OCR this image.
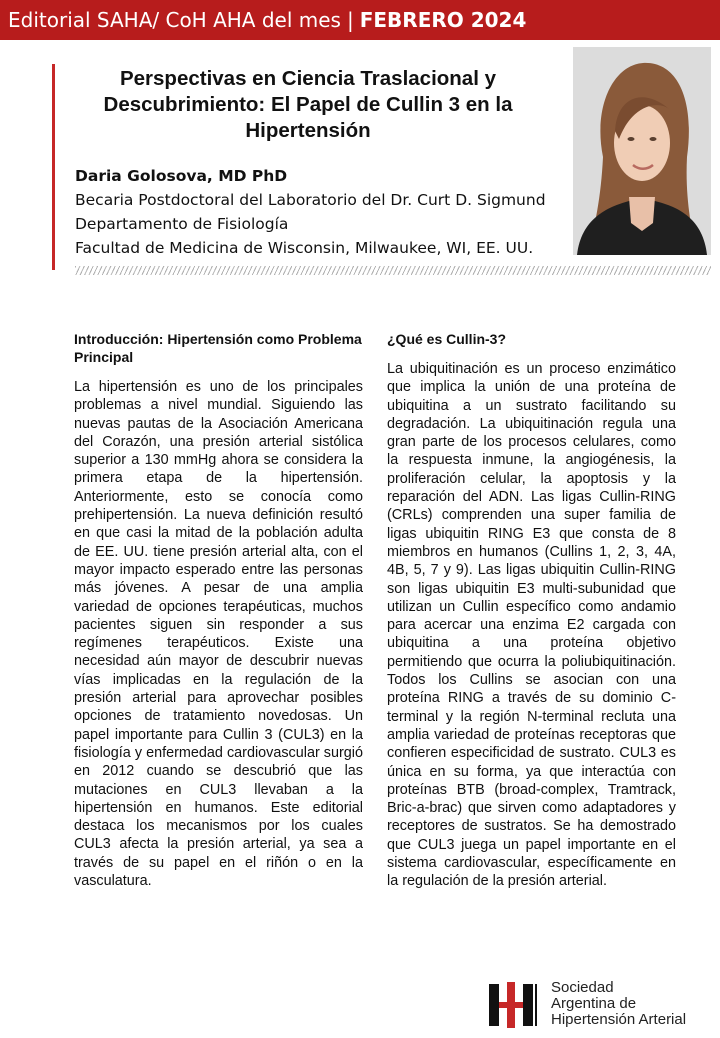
Editorial SAHA/ CoH AHA del mes | FEBRERO 2024
Perspectivas en Ciencia Traslacional y Descubrimiento: El Papel de Cullin 3 en la Hipertensión
Daria Golosova, MD PhD
Becaria Postdoctoral del Laboratorio del Dr. Curt D. Sigmund
Departamento de Fisiología
Facultad de Medicina de Wisconsin, Milwaukee, WI, EE. UU.
Introducción: Hipertensión como Problema Principal

La hipertensión es uno de los principales problemas a nivel mundial. Siguiendo las nuevas pautas de la Asociación Americana del Corazón, una presión arterial sistólica superior a 130 mmHg ahora se considera la primera etapa de la hipertensión. Anteriormente, esto se conocía como prehipertensión. La nueva definición resultó en que casi la mitad de la población adulta de EE. UU. tiene presión arterial alta, con el mayor impacto esperado entre las personas más jóvenes. A pesar de una amplia variedad de opciones terapéuticas, muchos pacientes siguen sin responder a sus regímenes terapéuticos. Existe una necesidad aún mayor de descubrir nuevas vías implicadas en la regulación de la presión arterial para aprovechar posibles opciones de tratamiento novedosas. Un papel importante para Cullin 3 (CUL3) en la fisiología y enfermedad cardiovascular surgió en 2012 cuando se descubrió que las mutaciones en CUL3 llevaban a la hipertensión en humanos. Este editorial destaca los mecanismos por los cuales CUL3 afecta la presión arterial, ya sea a través de su papel en el riñón o en la vasculatura.

¿Qué es Cullin-3?

La ubiquitinación es un proceso enzimático que implica la unión de una proteína de ubiquitina a un sustrato facilitando su degradación. La ubiquitinación regula una gran parte de los procesos celulares, como la respuesta inmune, la angiogénesis, la proliferación celular, la apoptosis y la reparación del ADN. Las ligas Cullin-RING (CRLs) comprenden una super familia de ligas ubiquitin RING E3 que consta de 8 miembros en humanos (Cullins 1, 2, 3, 4A, 4B, 5, 7 y 9). Las ligas ubiquitin Cullin-RING son ligas ubiquitin E3 multi-subunidad que utilizan un Cullin específico como andamio para acercar una enzima E2 cargada con ubiquitina a una proteína objetivo permitiendo que ocurra la poliubiquitinación. Todos los Cullins se asocian con una proteína RING a través de su dominio C-terminal y la región N-terminal recluta una amplia variedad de proteínas receptoras que confieren especificidad de sustrato. CUL3 es única en su forma, ya que interactúa con proteínas BTB (broad-complex, Tramtrack, Bric-a-brac) que sirven como adaptadores y receptores de sustratos. Se ha demostrado que CUL3 juega un papel importante en el sistema cardiovascular, específicamente en la regulación de la presión arterial.

Sociedad
Argentina de
Hipertensión Arterial
